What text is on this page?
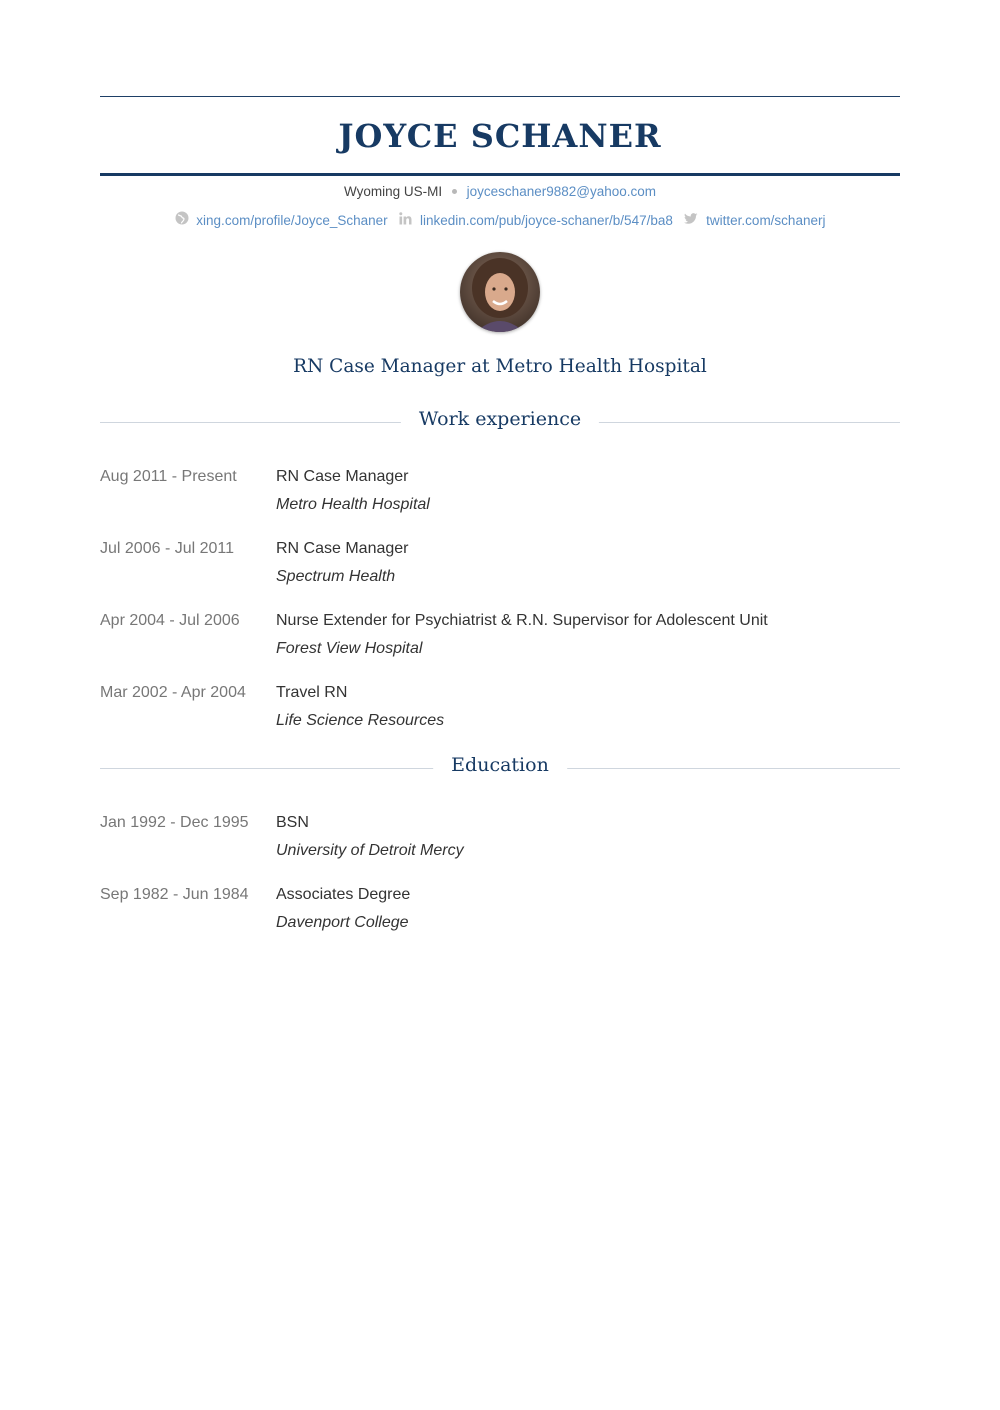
JOYCE SCHANER
Wyoming US-MI joyceschaner9882@yahoo.com
xing.com/profile/Joyce_Schaner linkedin.com/pub/joyce-schaner/b/547/ba8 twitter.com/schanerj
RN Case Manager at Metro Health Hospital
Work experience
Aug 2011 - Present	RN Case Manager
Metro Health Hospital
Jul 2006 - Jul 2011	RN Case Manager
Spectrum Health
Apr 2004 - Jul 2006	Nurse Extender for Psychiatrist & R.N. Supervisor for Adolescent Unit
Forest View Hospital
Mar 2002 - Apr 2004	Travel RN
Life Science Resources
Education
Jan 1992 - Dec 1995	BSN
University of Detroit Mercy
Sep 1982 - Jun 1984	Associates Degree
Davenport College
